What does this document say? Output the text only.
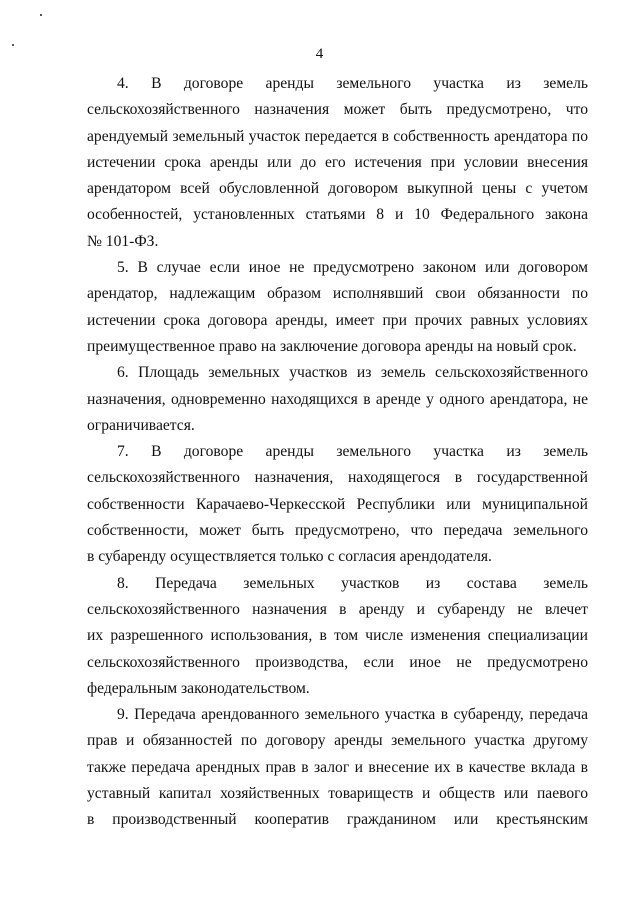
4
4. В договоре аренды земельного участка из земель
сельскохозяйственного назначения может быть предусмотрено, что
арендуемый земельный участок передается в собственность арендатора по
истечении срока аренды или до его истечения при условии внесения
арендатором всей обусловленной договором выкупной цены с учетом
особенностей, установленных статьями 8 и 10 Федерального закона
№ 101-ФЗ.
5. В случае если иное не предусмотрено законом или договором
арендатор, надлежащим образом исполнявший свои обязанности по
истечении срока договора аренды, имеет при прочих равных условиях
преимущественное право на заключение договора аренды на новый срок.
6. Площадь земельных участков из земель сельскохозяйственного
назначения, одновременно находящихся в аренде у одного арендатора, не
ограничивается.
7. В договоре аренды земельного участка из земель
сельскохозяйственного назначения, находящегося в государственной
собственности Карачаево-Черкесской Республики или муниципальной
собственности, может быть предусмотрено, что передача земельного
в субаренду осуществляется только с согласия арендодателя.
8. Передача земельных участков из состава земель
сельскохозяйственного назначения в аренду и субаренду не влечет
их разрешенного использования, в том числе изменения специализации
сельскохозяйственного производства, если иное не предусмотрено
федеральным законодательством.
9. Передача арендованного земельного участка в субаренду, передача
прав и обязанностей по договору аренды земельного участка другому
также передача арендных прав в залог и внесение их в качестве вклада в
уставный капитал хозяйственных товариществ и обществ или паевого
в производственный кооператив гражданином или крестьянским
